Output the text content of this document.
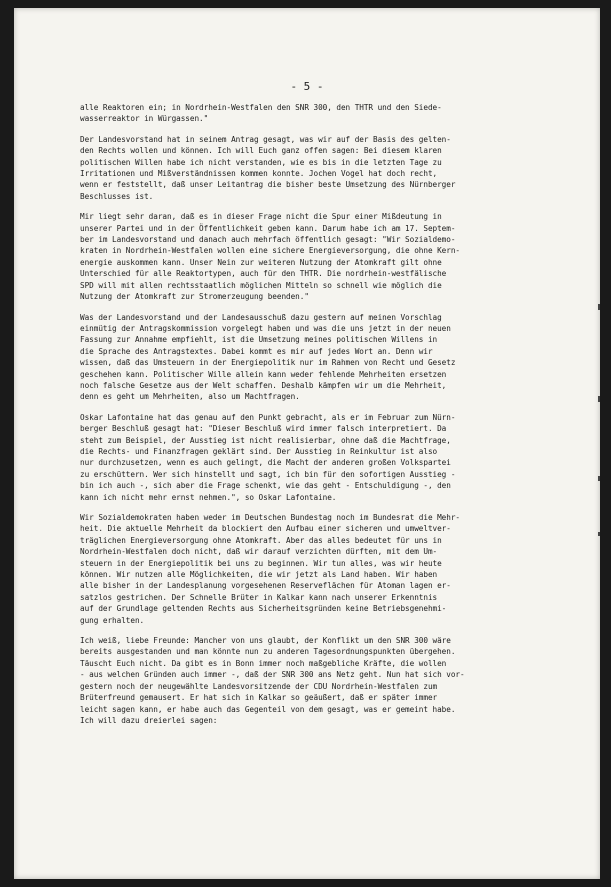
- 5 -
alle Reaktoren ein; in Nordrhein-Westfalen den SNR 300, den THTR und den Siede-
wasserreaktor in Würgassen."
Der Landesvorstand hat in seinem Antrag gesagt, was wir auf der Basis des gelten-
den Rechts wollen und können. Ich will Euch ganz offen sagen: Bei diesem klaren
politischen Willen habe ich nicht verstanden, wie es bis in die letzten Tage zu
Irritationen und Mißverständnissen kommen konnte. Jochen Vogel hat doch recht,
wenn er feststellt, daß unser Leitantrag die bisher beste Umsetzung des Nürnberger
Beschlusses ist.
Mir liegt sehr daran, daß es in dieser Frage nicht die Spur einer Mißdeutung in
unserer Partei und in der Öffentlichkeit geben kann. Darum habe ich am 17. Septem-
ber im Landesvorstand und danach auch mehrfach öffentlich gesagt: "Wir Sozialdemo-
kraten in Nordrhein-Westfalen wollen eine sichere Energieversorgung, die ohne Kern-
energie auskommen kann. Unser Nein zur weiteren Nutzung der Atomkraft gilt ohne
Unterschied für alle Reaktortypen, auch für den THTR. Die nordrhein-westfälische
SPD will mit allen rechtsstaatlich möglichen Mitteln so schnell wie möglich die
Nutzung der Atomkraft zur Stromerzeugung beenden."
Was der Landesvorstand und der Landesausschuß dazu gestern auf meinen Vorschlag
einmütig der Antragskommission vorgelegt haben und was die uns jetzt in der neuen
Fassung zur Annahme empfiehlt, ist die Umsetzung meines politischen Willens in
die Sprache des Antragstextes. Dabei kommt es mir auf jedes Wort an. Denn wir
wissen, daß das Umsteuern in der Energiepolitik nur im Rahmen von Recht und Gesetz
geschehen kann. Politischer Wille allein kann weder fehlende Mehrheiten ersetzen
noch falsche Gesetze aus der Welt schaffen. Deshalb kämpfen wir um die Mehrheit,
denn es geht um Mehrheiten, also um Machtfragen.
Oskar Lafontaine hat das genau auf den Punkt gebracht, als er im Februar zum Nürn-
berger Beschluß gesagt hat: "Dieser Beschluß wird immer falsch interpretiert. Da
steht zum Beispiel, der Ausstieg ist nicht realisierbar, ohne daß die Machtfrage,
die Rechts- und Finanzfragen geklärt sind. Der Ausstieg in Reinkultur ist also
nur durchzusetzen, wenn es auch gelingt, die Macht der anderen großen Volkspartei
zu erschüttern. Wer sich hinstellt und sagt, ich bin für den sofortigen Ausstieg -
bin ich auch -, sich aber die Frage schenkt, wie das geht - Entschuldigung -, den
kann ich nicht mehr ernst nehmen.", so Oskar Lafontaine.
Wir Sozialdemokraten haben weder im Deutschen Bundestag noch im Bundesrat die Mehr-
heit. Die aktuelle Mehrheit da blockiert den Aufbau einer sicheren und umweltver-
träglichen Energieversorgung ohne Atomkraft. Aber das alles bedeutet für uns in
Nordrhein-Westfalen doch nicht, daß wir darauf verzichten dürften, mit dem Um-
steuern in der Energiepolitik bei uns zu beginnen. Wir tun alles, was wir heute
können. Wir nutzen alle Möglichkeiten, die wir jetzt als Land haben. Wir haben
alle bisher in der Landesplanung vorgesehenen Reserveflächen für Atoman lagen er-
satzlos gestrichen. Der Schnelle Brüter in Kalkar kann nach unserer Erkenntnis
auf der Grundlage geltenden Rechts aus Sicherheitsgründen keine Betriebsgenehmi-
gung erhalten.
Ich weiß, liebe Freunde: Mancher von uns glaubt, der Konflikt um den SNR 300 wäre
bereits ausgestanden und man könnte nun zu anderen Tagesordnungspunkten übergehen.
Täuscht Euch nicht. Da gibt es in Bonn immer noch maßgebliche Kräfte, die wollen
- aus welchen Gründen auch immer -, daß der SNR 300 ans Netz geht. Nun hat sich vor-
gestern noch der neugewählte Landesvorsitzende der CDU Nordrhein-Westfalen zum
Brüterfreund gemausert. Er hat sich in Kalkar so geäußert, daß er später immer
leicht sagen kann, er habe auch das Gegenteil von dem gesagt, was er gemeint habe.
Ich will dazu dreierlei sagen:
